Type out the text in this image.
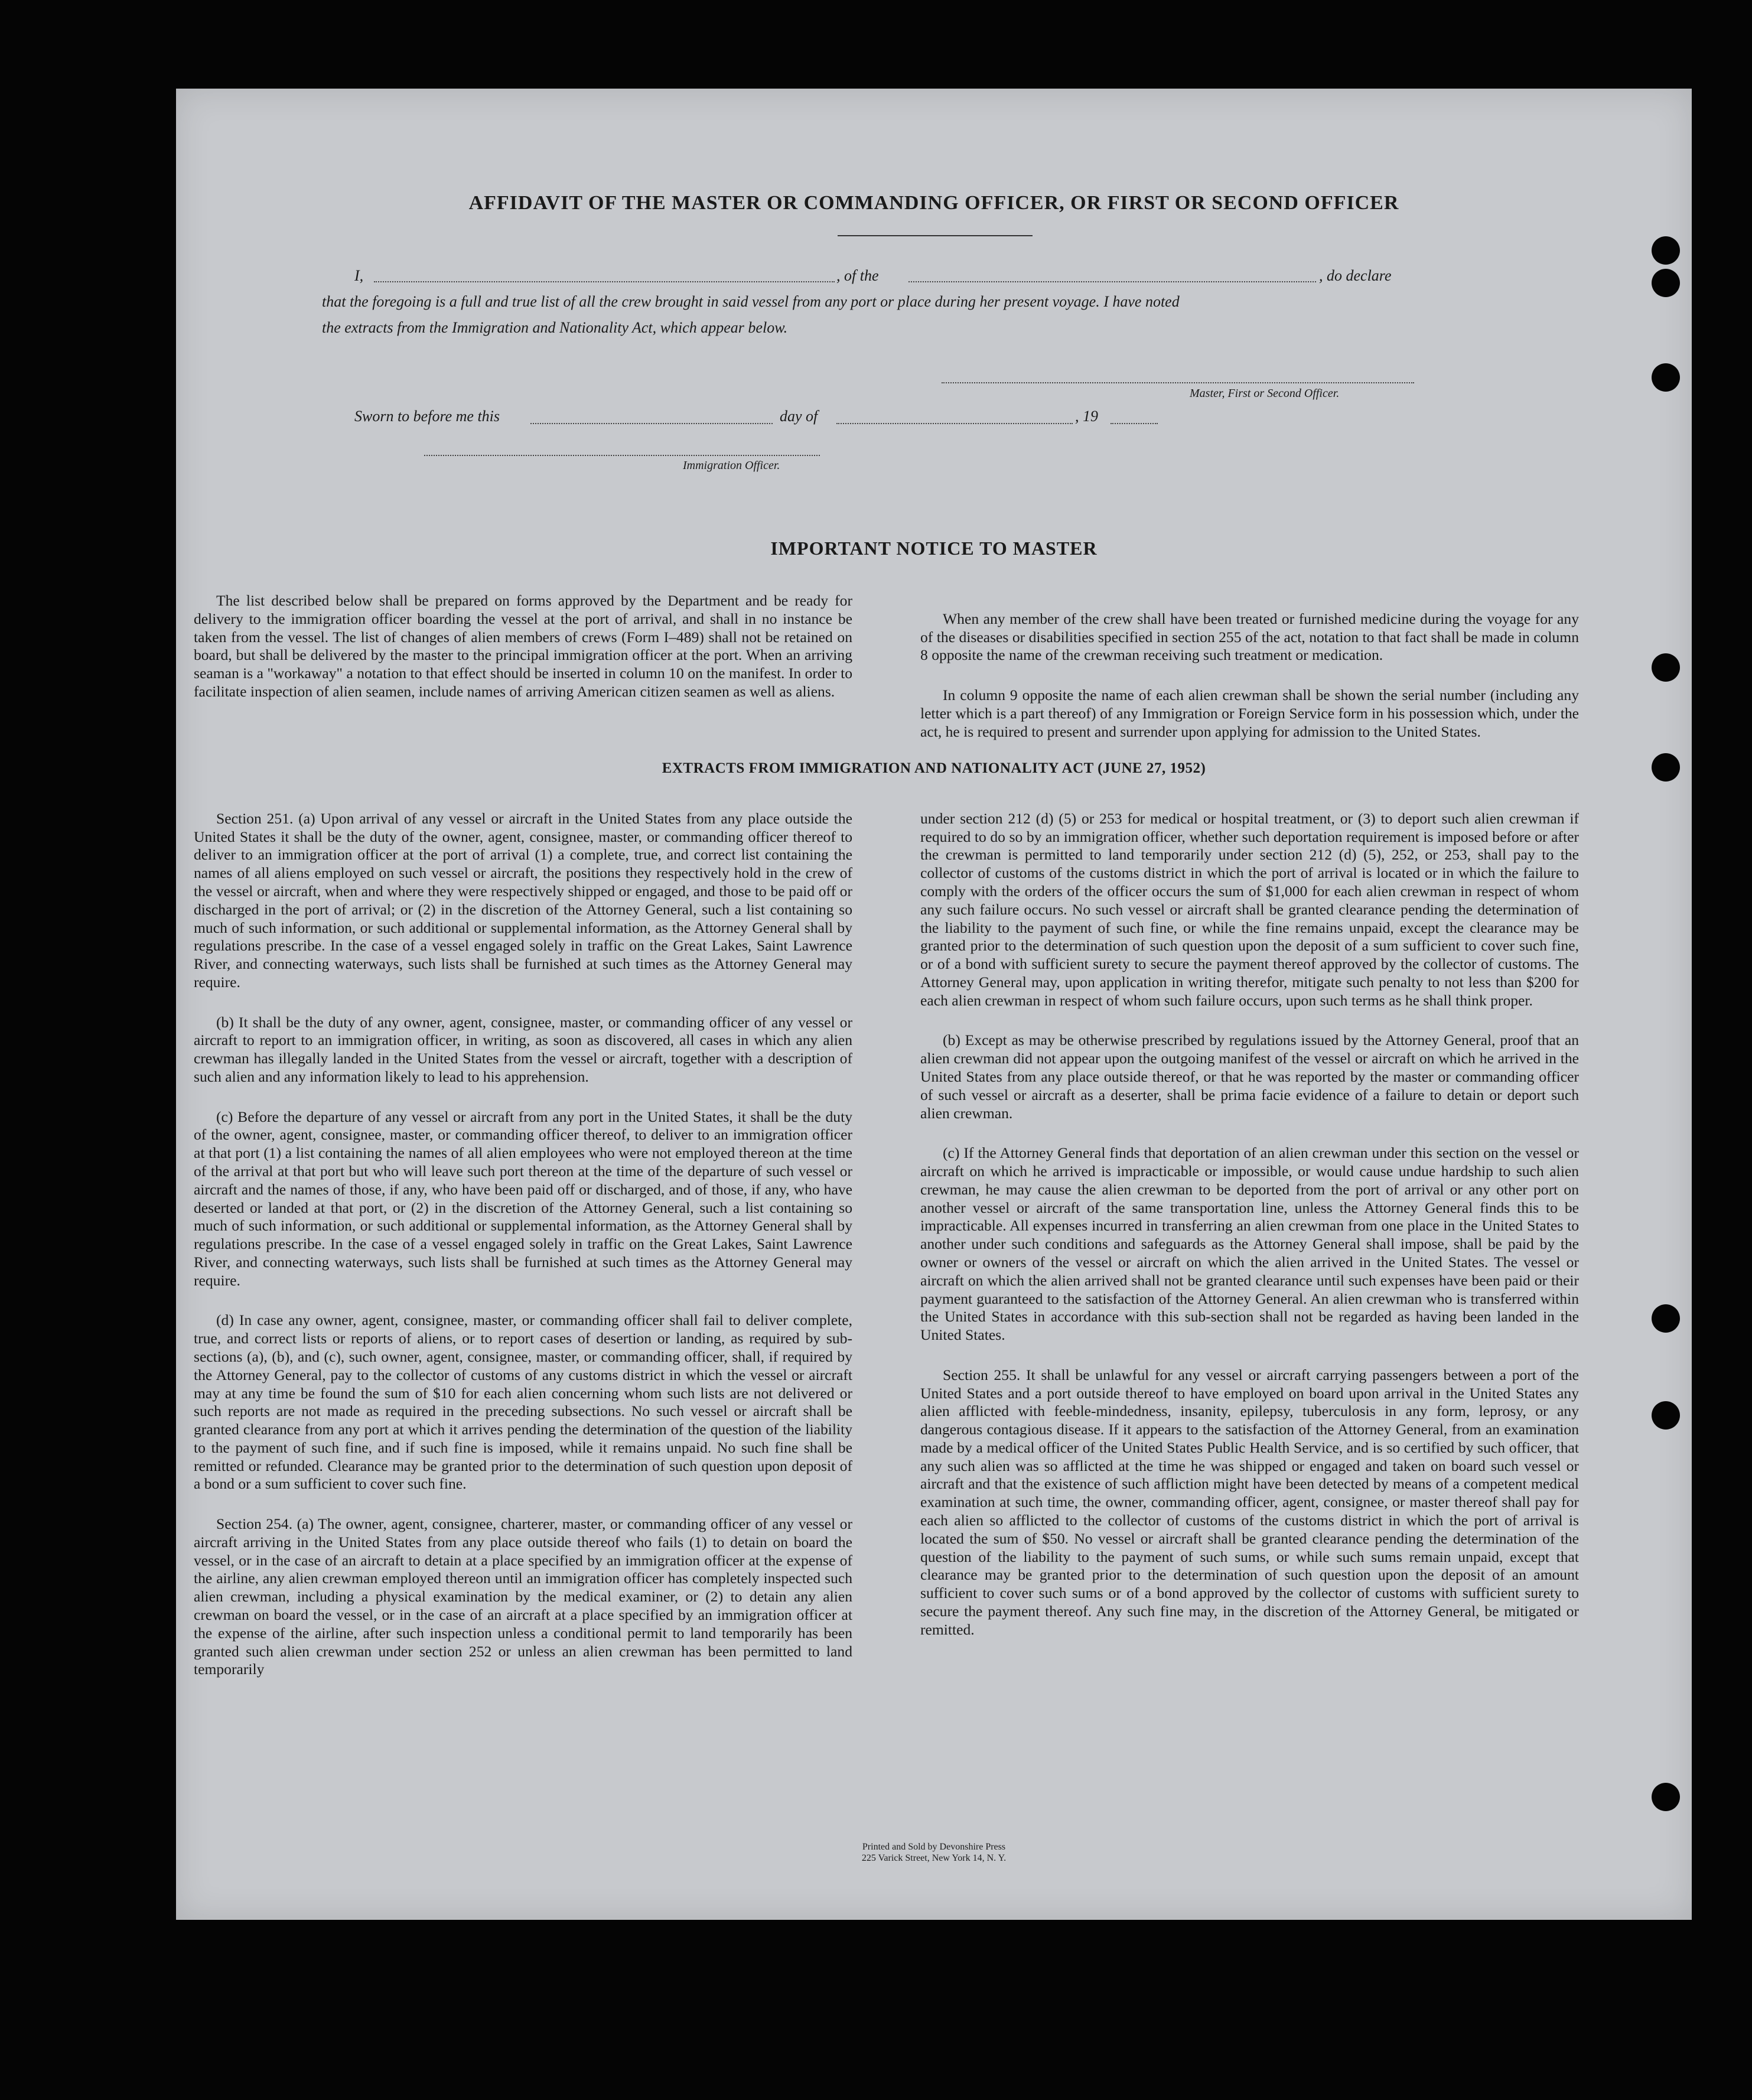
AFFIDAVIT OF THE MASTER OR COMMANDING OFFICER, OR FIRST OR SECOND OFFICER
I,	, of the	, do declare
that the foregoing is a full and true list of all the crew brought in said vessel from any port or place during her present voyage. I have noted
the extracts from the Immigration and Nationality Act, which appear below.
Master, First or Second Officer.
Sworn to before me this	day of	, 19
Immigration Officer.
IMPORTANT NOTICE TO MASTER
The list described below shall be prepared on forms approved by the Department and be ready for delivery to the immigration officer boarding the vessel at the port of arrival, and shall in no instance be taken from the vessel. The list of changes of alien members of crews (Form I–489) shall not be retained on board, but shall be delivered by the master to the principal immigration officer at the port. When an arriving seaman is a "workaway" a notation to that effect should be inserted in column 10 on the manifest. In order to facilitate inspection of alien seamen, include names of arriving American citizen seamen as well as aliens.

When any member of the crew shall have been treated or furnished medicine during the voyage for any of the diseases or disabilities specified in section 255 of the act, notation to that fact shall be made in column 8 opposite the name of the crewman receiving such treatment or medication.

In column 9 opposite the name of each alien crewman shall be shown the serial number (including any letter which is a part thereof) of any Immigration or Foreign Service form in his possession which, under the act, he is required to present and surrender upon applying for admission to the United States.

EXTRACTS FROM IMMIGRATION AND NATIONALITY ACT (JUNE 27, 1952)

Section 251. (a) Upon arrival of any vessel or aircraft in the United States from any place outside the United States it shall be the duty of the owner, agent, consignee, master, or commanding officer thereof to deliver to an immigration officer at the port of arrival (1) a complete, true, and correct list containing the names of all aliens employed on such vessel or aircraft, the positions they respectively hold in the crew of the vessel or aircraft, when and where they were respectively shipped or engaged, and those to be paid off or discharged in the port of arrival; or (2) in the discretion of the Attorney General, such a list containing so much of such information, or such additional or supplemental information, as the Attorney General shall by regulations prescribe. In the case of a vessel engaged solely in traffic on the Great Lakes, Saint Lawrence River, and connecting waterways, such lists shall be furnished at such times as the Attorney General may require.

(b) It shall be the duty of any owner, agent, consignee, master, or commanding officer of any vessel or aircraft to report to an immigration officer, in writing, as soon as discovered, all cases in which any alien crewman has illegally landed in the United States from the vessel or aircraft, together with a description of such alien and any information likely to lead to his apprehension.

(c) Before the departure of any vessel or aircraft from any port in the United States, it shall be the duty of the owner, agent, consignee, master, or commanding officer thereof, to deliver to an immigration officer at that port (1) a list containing the names of all alien employees who were not employed thereon at the time of the arrival at that port but who will leave such port thereon at the time of the departure of such vessel or aircraft and the names of those, if any, who have been paid off or discharged, and of those, if any, who have deserted or landed at that port, or (2) in the discretion of the Attorney General, such a list containing so much of such information, or such additional or supplemental information, as the Attorney General shall by regulations prescribe. In the case of a vessel engaged solely in traffic on the Great Lakes, Saint Lawrence River, and connecting waterways, such lists shall be furnished at such times as the Attorney General may require.

(d) In case any owner, agent, consignee, master, or commanding officer shall fail to deliver complete, true, and correct lists or reports of aliens, or to report cases of desertion or landing, as required by sub-sections (a), (b), and (c), such owner, agent, consignee, master, or commanding officer, shall, if required by the Attorney General, pay to the collector of customs of any customs district in which the vessel or aircraft may at any time be found the sum of $10 for each alien concerning whom such lists are not delivered or such reports are not made as required in the preceding subsections. No such vessel or aircraft shall be granted clearance from any port at which it arrives pending the determination of the question of the liability to the payment of such fine, and if such fine is imposed, while it remains unpaid. No such fine shall be remitted or refunded. Clearance may be granted prior to the determination of such question upon deposit of a bond or a sum sufficient to cover such fine.

Section 254. (a) The owner, agent, consignee, charterer, master, or commanding officer of any vessel or aircraft arriving in the United States from any place outside thereof who fails (1) to detain on board the vessel, or in the case of an aircraft to detain at a place specified by an immigration officer at the expense of the airline, any alien crewman employed thereon until an immigration officer has completely inspected such alien crewman, including a physical examination by the medical examiner, or (2) to detain any alien crewman on board the vessel, or in the case of an aircraft at a place specified by an immigration officer at the expense of the airline, after such inspection unless a conditional permit to land temporarily has been granted such alien crewman under section 252 or unless an alien crewman has been permitted to land temporarily

under section 212 (d) (5) or 253 for medical or hospital treatment, or (3) to deport such alien crewman if required to do so by an immigration officer, whether such deportation requirement is imposed before or after the crewman is permitted to land temporarily under section 212 (d) (5), 252, or 253, shall pay to the collector of customs of the customs district in which the port of arrival is located or in which the failure to comply with the orders of the officer occurs the sum of $1,000 for each alien crewman in respect of whom any such failure occurs. No such vessel or aircraft shall be granted clearance pending the determination of the liability to the payment of such fine, or while the fine remains unpaid, except the clearance may be granted prior to the determination of such question upon the deposit of a sum sufficient to cover such fine, or of a bond with sufficient surety to secure the payment thereof approved by the collector of customs. The Attorney General may, upon application in writing therefor, mitigate such penalty to not less than $200 for each alien crewman in respect of whom such failure occurs, upon such terms as he shall think proper.

(b) Except as may be otherwise prescribed by regulations issued by the Attorney General, proof that an alien crewman did not appear upon the outgoing manifest of the vessel or aircraft on which he arrived in the United States from any place outside thereof, or that he was reported by the master or commanding officer of such vessel or aircraft as a deserter, shall be prima facie evidence of a failure to detain or deport such alien crewman.

(c) If the Attorney General finds that deportation of an alien crewman under this section on the vessel or aircraft on which he arrived is impracticable or impossible, or would cause undue hardship to such alien crewman, he may cause the alien crewman to be deported from the port of arrival or any other port on another vessel or aircraft of the same transportation line, unless the Attorney General finds this to be impracticable. All expenses incurred in transferring an alien crewman from one place in the United States to another under such conditions and safeguards as the Attorney General shall impose, shall be paid by the owner or owners of the vessel or aircraft on which the alien arrived in the United States. The vessel or aircraft on which the alien arrived shall not be granted clearance until such expenses have been paid or their payment guaranteed to the satisfaction of the Attorney General. An alien crewman who is transferred within the United States in accordance with this sub-section shall not be regarded as having been landed in the United States.

Section 255. It shall be unlawful for any vessel or aircraft carrying passengers between a port of the United States and a port outside thereof to have employed on board upon arrival in the United States any alien afflicted with feeble-mindedness, insanity, epilepsy, tuberculosis in any form, leprosy, or any dangerous contagious disease. If it appears to the satisfaction of the Attorney General, from an examination made by a medical officer of the United States Public Health Service, and is so certified by such officer, that any such alien was so afflicted at the time he was shipped or engaged and taken on board such vessel or aircraft and that the existence of such affliction might have been detected by means of a competent medical examination at such time, the owner, commanding officer, agent, consignee, or master thereof shall pay for each alien so afflicted to the collector of customs of the customs district in which the port of arrival is located the sum of $50. No vessel or aircraft shall be granted clearance pending the determination of the question of the liability to the payment of such sums, or while such sums remain unpaid, except that clearance may be granted prior to the determination of such question upon the deposit of an amount sufficient to cover such sums or of a bond approved by the collector of customs with sufficient surety to secure the payment thereof. Any such fine may, in the discretion of the Attorney General, be mitigated or remitted.

Printed and Sold by Devonshire Press
225 Varick Street, New York 14, N. Y.
